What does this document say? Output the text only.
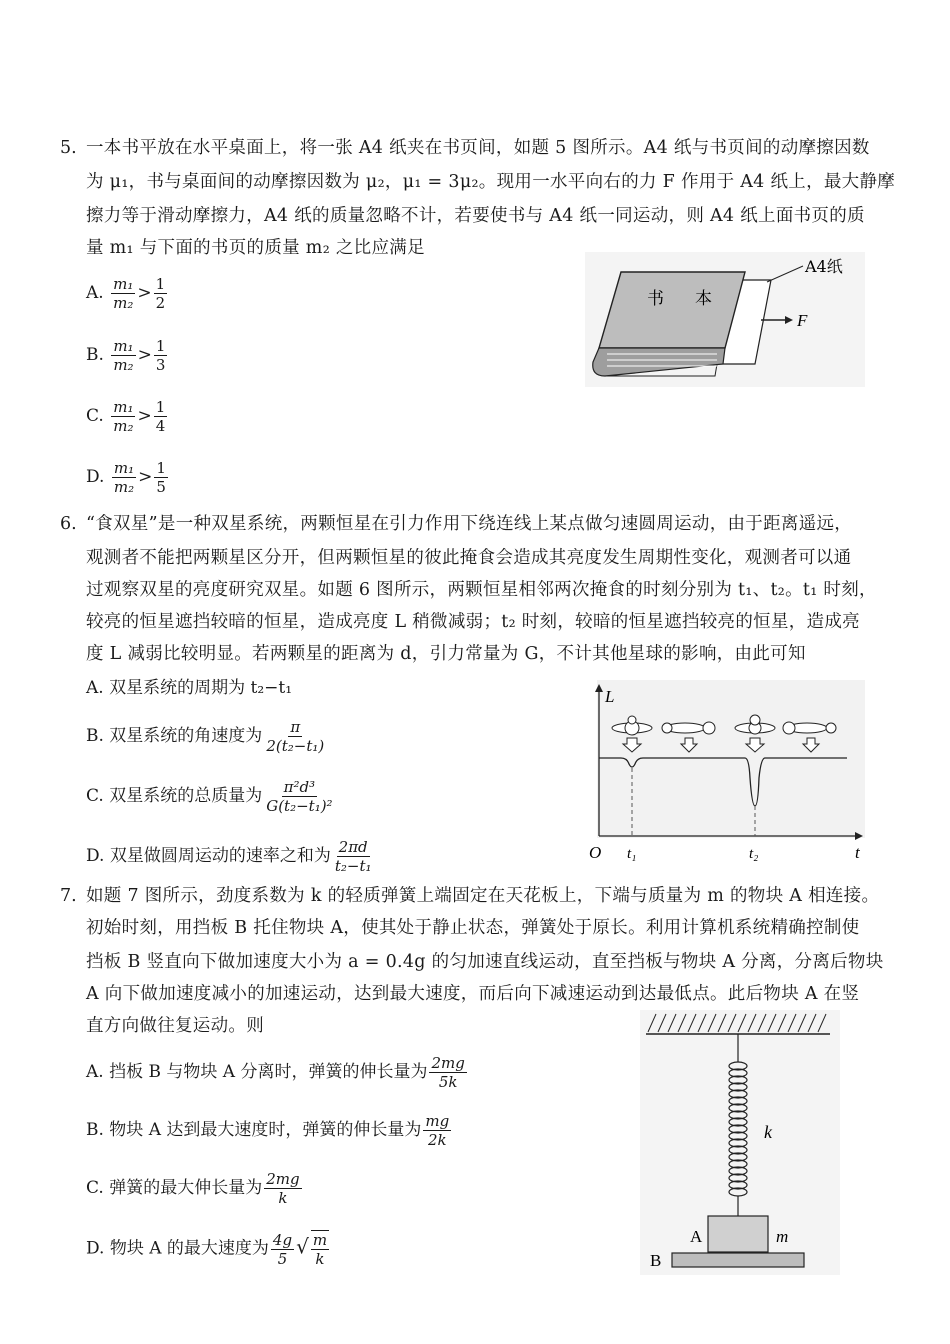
5. 一本书平放在水平桌面上，将一张 A4 纸夹在书页间，如题 5 图所示。A4 纸与书页间的动摩擦因数
为 μ₁，书与桌面间的动摩擦因数为 μ₂，μ₁ = 3μ₂。现用一水平向右的力 F 作用于 A4 纸上，最大静摩
擦力等于滑动摩擦力，A4 纸的质量忽略不计，若要使书与 A4 纸一同运动，则 A4 纸上面书页的质
量 m₁ 与下面的书页的质量 m₂ 之比应满足
A. $\frac{\text{m₁}}{\text{m₂}} > \frac{1}{2}$
B. $\frac{\text{m₁}}{\text{m₂}} > \frac{1}{3}$
C. $\frac{\text{m₁}}{\text{m₂}} > \frac{1}{4}$
D. $\frac{\text{m₁}}{\text{m₂}} > \frac{1}{5}$
书 本
A4纸
F
6. “食双星”是一种双星系统，两颗恒星在引力作用下绕连线上某点做匀速圆周运动，由于距离遥远，
观测者不能把两颗星区分开，但两颗恒星的彼此掩食会造成其亮度发生周期性变化，观测者可以通
过观察双星的亮度研究双星。如题 6 图所示，两颗恒星相邻两次掩食的时刻分别为 t₁、t₂。t₁ 时刻，
较亮的恒星遮挡较暗的恒星，造成亮度 L 稍微减弱；t₂ 时刻，较暗的恒星遮挡较亮的恒星，造成亮
度 L 减弱比较明显。若两颗星的距离为 d，引力常量为 G，不计其他星球的影响，由此可知
A. 双星系统的周期为 t₂−t₁
B. 双星系统的角速度为 $\frac{\pi}{\text{2(t₂−t₁)}}$
C. 双星系统的总质量为 $\frac{\text{π²d³}}{\text{G(t₂−t₁)²}}$
D. 双星做圆周运动的速率之和为 $\frac{2\pi d}{\text{t₂−t₁}}$
L
t
O t₁	t₂
7. 如题 7 图所示，劲度系数为 k 的轻质弹簧上端固定在天花板上，下端与质量为 m 的物块 A 相连接。
初始时刻，用挡板 B 托住物块 A，使其处于静止状态，弹簧处于原长。利用计算机系统精确控制使
挡板 B 竖直向下做加速度大小为 a = 0.4g 的匀加速直线运动，直至挡板与物块 A 分离，分离后物块
A 向下做加速度减小的加速运动，达到最大速度，而后向下减速运动到达最低点。此后物块 A 在竖
直方向做往复运动。则
A. 挡板 B 与物块 A 分离时，弹簧的伸长量为 $\frac{2mg}{5k}$
B. 物块 A 达到最大速度时，弹簧的伸长量为 $\frac{mg}{2k}$
C. 弹簧的最大伸长量为 $\frac{2mg}{k}$
D. 物块 A 的最大速度为 $\frac{4g}{5}$ √ $\frac{m}{k}$
k
A	m
B
